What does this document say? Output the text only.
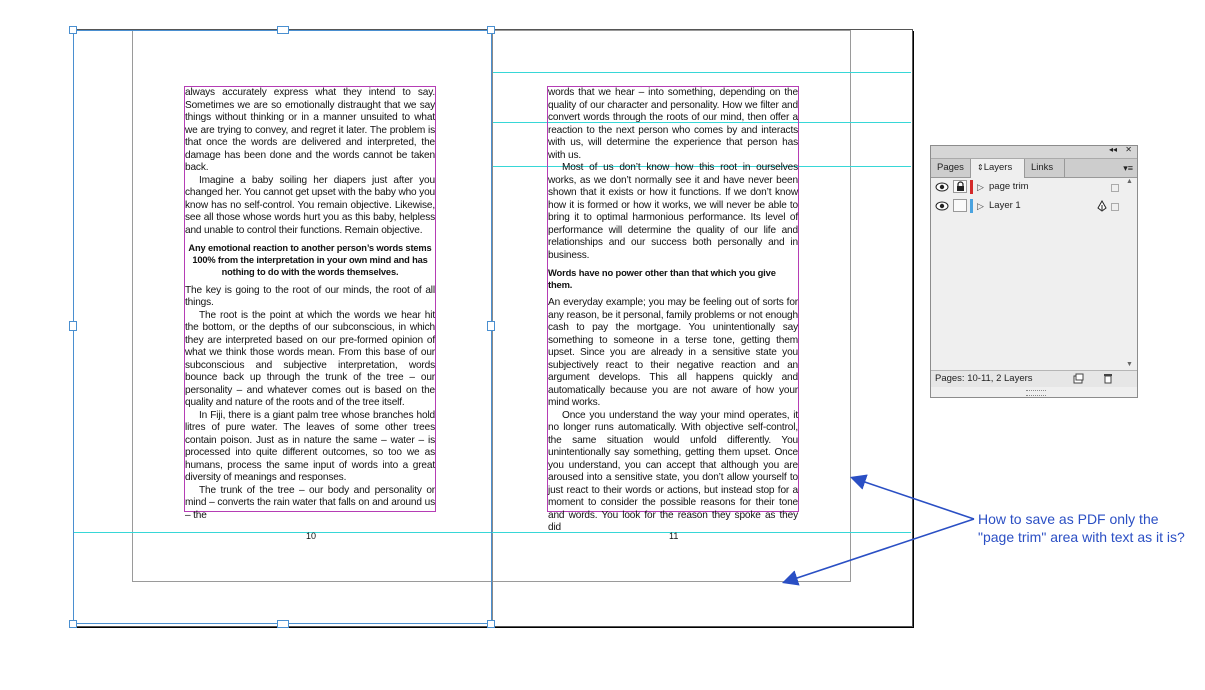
always accurately express what they intend to say. Sometimes we are so emotionally distraught that we say things without thinking or in a manner unsuited to what we are trying to convey, and regret it later. The problem is that once the words are delivered and interpreted, the damage has been done and the words cannot be taken back.

Imagine a baby soiling her diapers just after you changed her. You cannot get upset with the baby who you know has no self-control. You remain objective. Likewise, see all those whose words hurt you as this baby, helpless and unable to control their functions. Remain objective.

Any emotional reaction to another person’s words stems 100% from the interpretation in your own mind and has nothing to do with the words themselves.

The key is going to the root of our minds, the root of all things.

The root is the point at which the words we hear hit the bottom, or the depths of our subconscious, in which they are interpreted based on our pre-formed opinion of what we think those words mean. From this base of our subconscious and subjective interpretation, words bounce back up through the trunk of the tree – our personality – and whatever comes out is based on the quality and nature of the roots and of the tree itself.

In Fiji, there is a giant palm tree whose branches hold litres of pure water. The leaves of some other trees contain poison. Just as in nature the same – water – is processed into quite different outcomes, so too we as humans, process the same input of words into a great diversity of meanings and responses.

The trunk of the tree – our body and personality or mind – converts the rain water that falls on and around us – the

words that we hear – into something, depending on the quality of our character and personality. How we filter and convert words through the roots of our mind, then offer a reaction to the next person who comes by and interacts with us, will determine the experience that person has with us.

Most of us don’t know how this root in ourselves works, as we don’t normally see it and have never been shown that it exists or how it functions. If we don’t know how it is formed or how it works, we will never be able to bring it to optimal harmonious performance. Its level of performance will determine the quality of our life and relationships and our success both personally and in business.

Words have no power other than that which you give them.

An everyday example; you may be feeling out of sorts for any reason, be it personal, family problems or not enough cash to pay the mortgage. You unintentionally say something to someone in a terse tone, getting them upset. Since you are already in a sensitive state you subjectively react to their negative reaction and an argument develops. This all happens quickly and automatically because you are not aware of how your mind works.

Once you understand the way your mind operates, it no longer runs automatically. With objective self-control, the same situation would unfold differently. You unintentionally say something, getting them upset. Once you understand, you can accept that although you are aroused into a sensitive state, you don’t allow yourself to just react to their words or actions, but instead stop for a moment to consider the possible reasons for their tone and words. You look for the reason they spoke as they did

10	11
How to save as PDF only the "page trim" area with text as it is?
◂◂ ✕
Pages	⇕Layers	Links	▾≡
▷ page trim
▷ Layer 1
▲
▼
Pages: 10-11, 2 Layers
